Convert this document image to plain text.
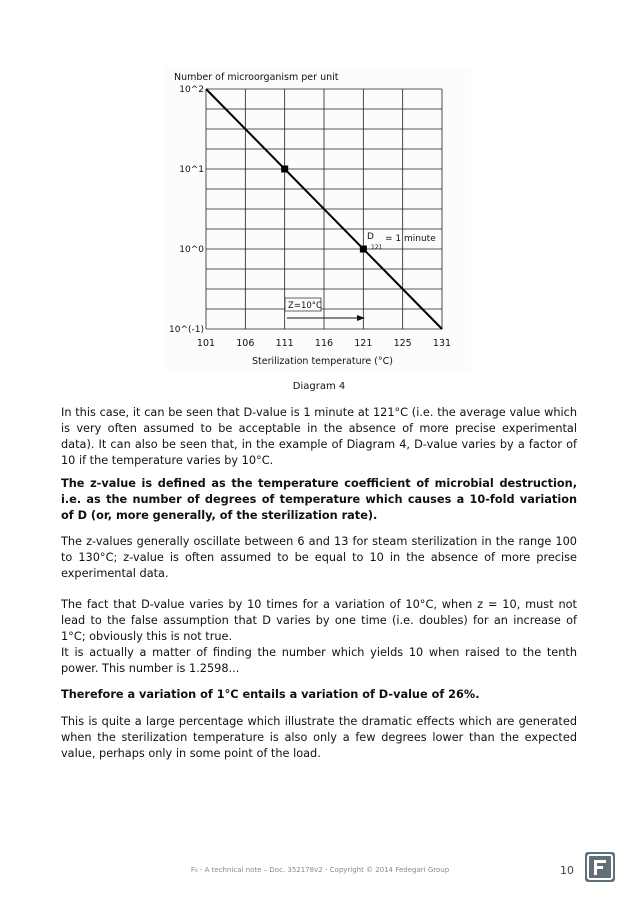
101 106 111 116 121 125 131
10^2
10^1
10^0
10^(-1)
Number of microorganism per unit
Sterilization temperature (°C)
D
121
= 1 minute
Z=10°C
Diagram 4

In this case, it can be seen that D-value is 1 minute at 121°C (i.e. the average value which is very often assumed to be acceptable in the absence of more precise experimental data). It can also be seen that, in the example of Diagram 4, D-value varies by a factor of 10 if the temperature varies by 10°C.

The z-value is defined as the temperature coefficient of microbial destruction, i.e. as the number of degrees of temperature which causes a 10-fold variation of D (or, more generally, of the sterilization rate).

The z-values generally oscillate between 6 and 13 for steam sterilization in the range 100 to 130°C; z-value is often assumed to be equal to 10 in the absence of more precise experimental data.

The fact that D-value varies by 10 times for a variation of 10°C, when z = 10, must not lead to the false assumption that D varies by one time (i.e. doubles) for an increase of 1°C; obviously this is not true.

It is actually a matter of finding the number which yields 10 when raised to the tenth power. This number is 1.2598...

Therefore a variation of 1°C entails a variation of D-value of 26%.

This is quite a large percentage which illustrate the dramatic effects which are generated when the sterilization temperature is also only a few degrees lower than the expected value, perhaps only in some point of the load.

F₀ - A technical note – Doc. 352178v2 - Copyright © 2014 Fedegari Group	10
